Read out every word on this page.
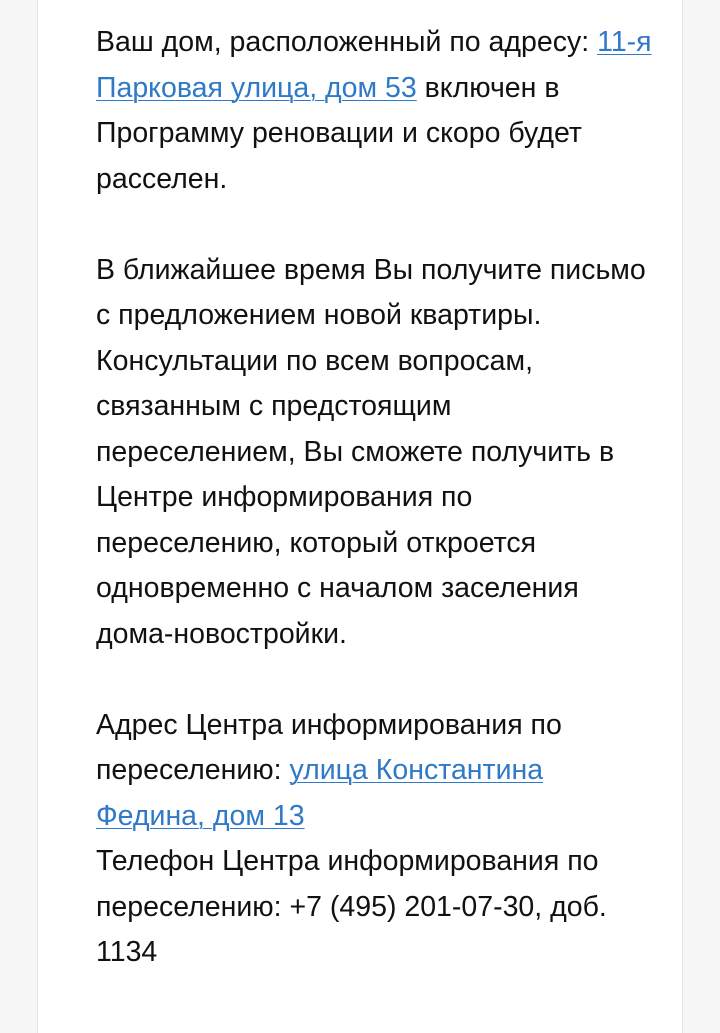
Ваш дом, расположенный по адресу: 11-я Парковая улица, дом 53 включен в Программу реновации и скоро будет расселен.

В ближайшее время Вы получите письмо с предложением новой квартиры. Консультации по всем вопросам, связанным с предстоящим переселением, Вы сможете получить в Центре информирования по переселению, который откроется одновременно с началом заселения дома-новостройки.

Адрес Центра информирования по переселению: улица Константина Федина, дом 13
Телефон Центра информирования по переселению: +7 (495) 201-07-30, доб. 1134
